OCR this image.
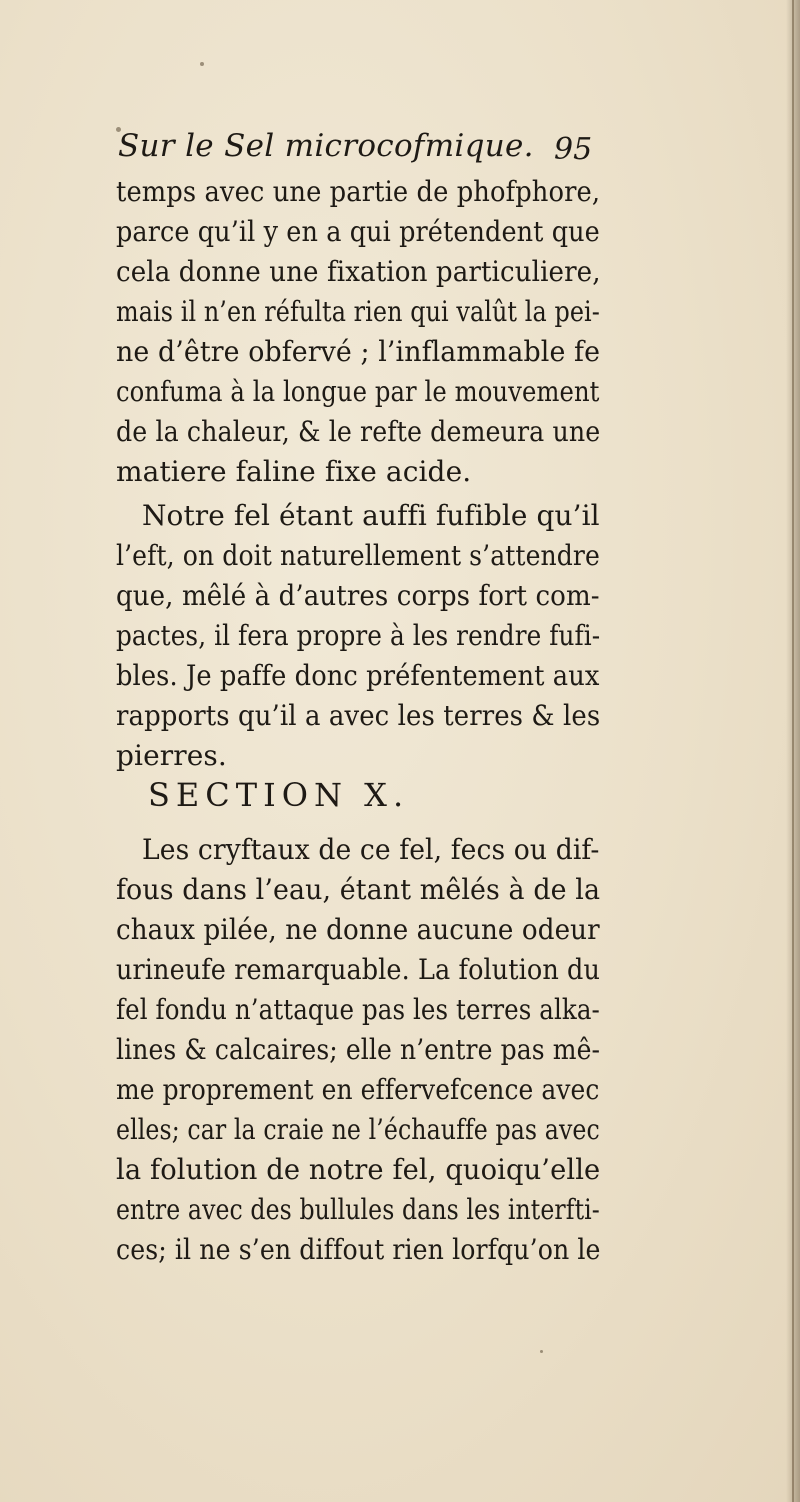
Sur le Sel microcofmique. 95
temps avec une partie de phofphore,
parce qu’il y en a qui prétendent que
cela donne une fixation particuliere,
mais il n’en réfulta rien qui valût la pei-
ne d’être obfervé ; l’inflammable fe
confuma à la longue par le mouvement
de la chaleur, & le refte demeura une
matiere faline fixe acide.
Notre fel étant auffi fufible qu’il
l’eft, on doit naturellement s’attendre
que, mêlé à d’autres corps fort com-
pactes, il fera propre à les rendre fufi-
bles. Je paffe donc préfentement aux
rapports qu’il a avec les terres & les
pierres.
SECTION X.
Les cryftaux de ce fel, fecs ou dif-
fous dans l’eau, étant mêlés à de la
chaux pilée, ne donne aucune odeur
urineufe remarquable. La folution du
fel fondu n’attaque pas les terres alka-
lines & calcaires; elle n’entre pas mê-
me proprement en effervefcence avec
elles; car la craie ne l’échauffe pas avec
la folution de notre fel, quoiqu’elle
entre avec des bullules dans les interfti-
ces; il ne s’en diffout rien lorfqu’on le
